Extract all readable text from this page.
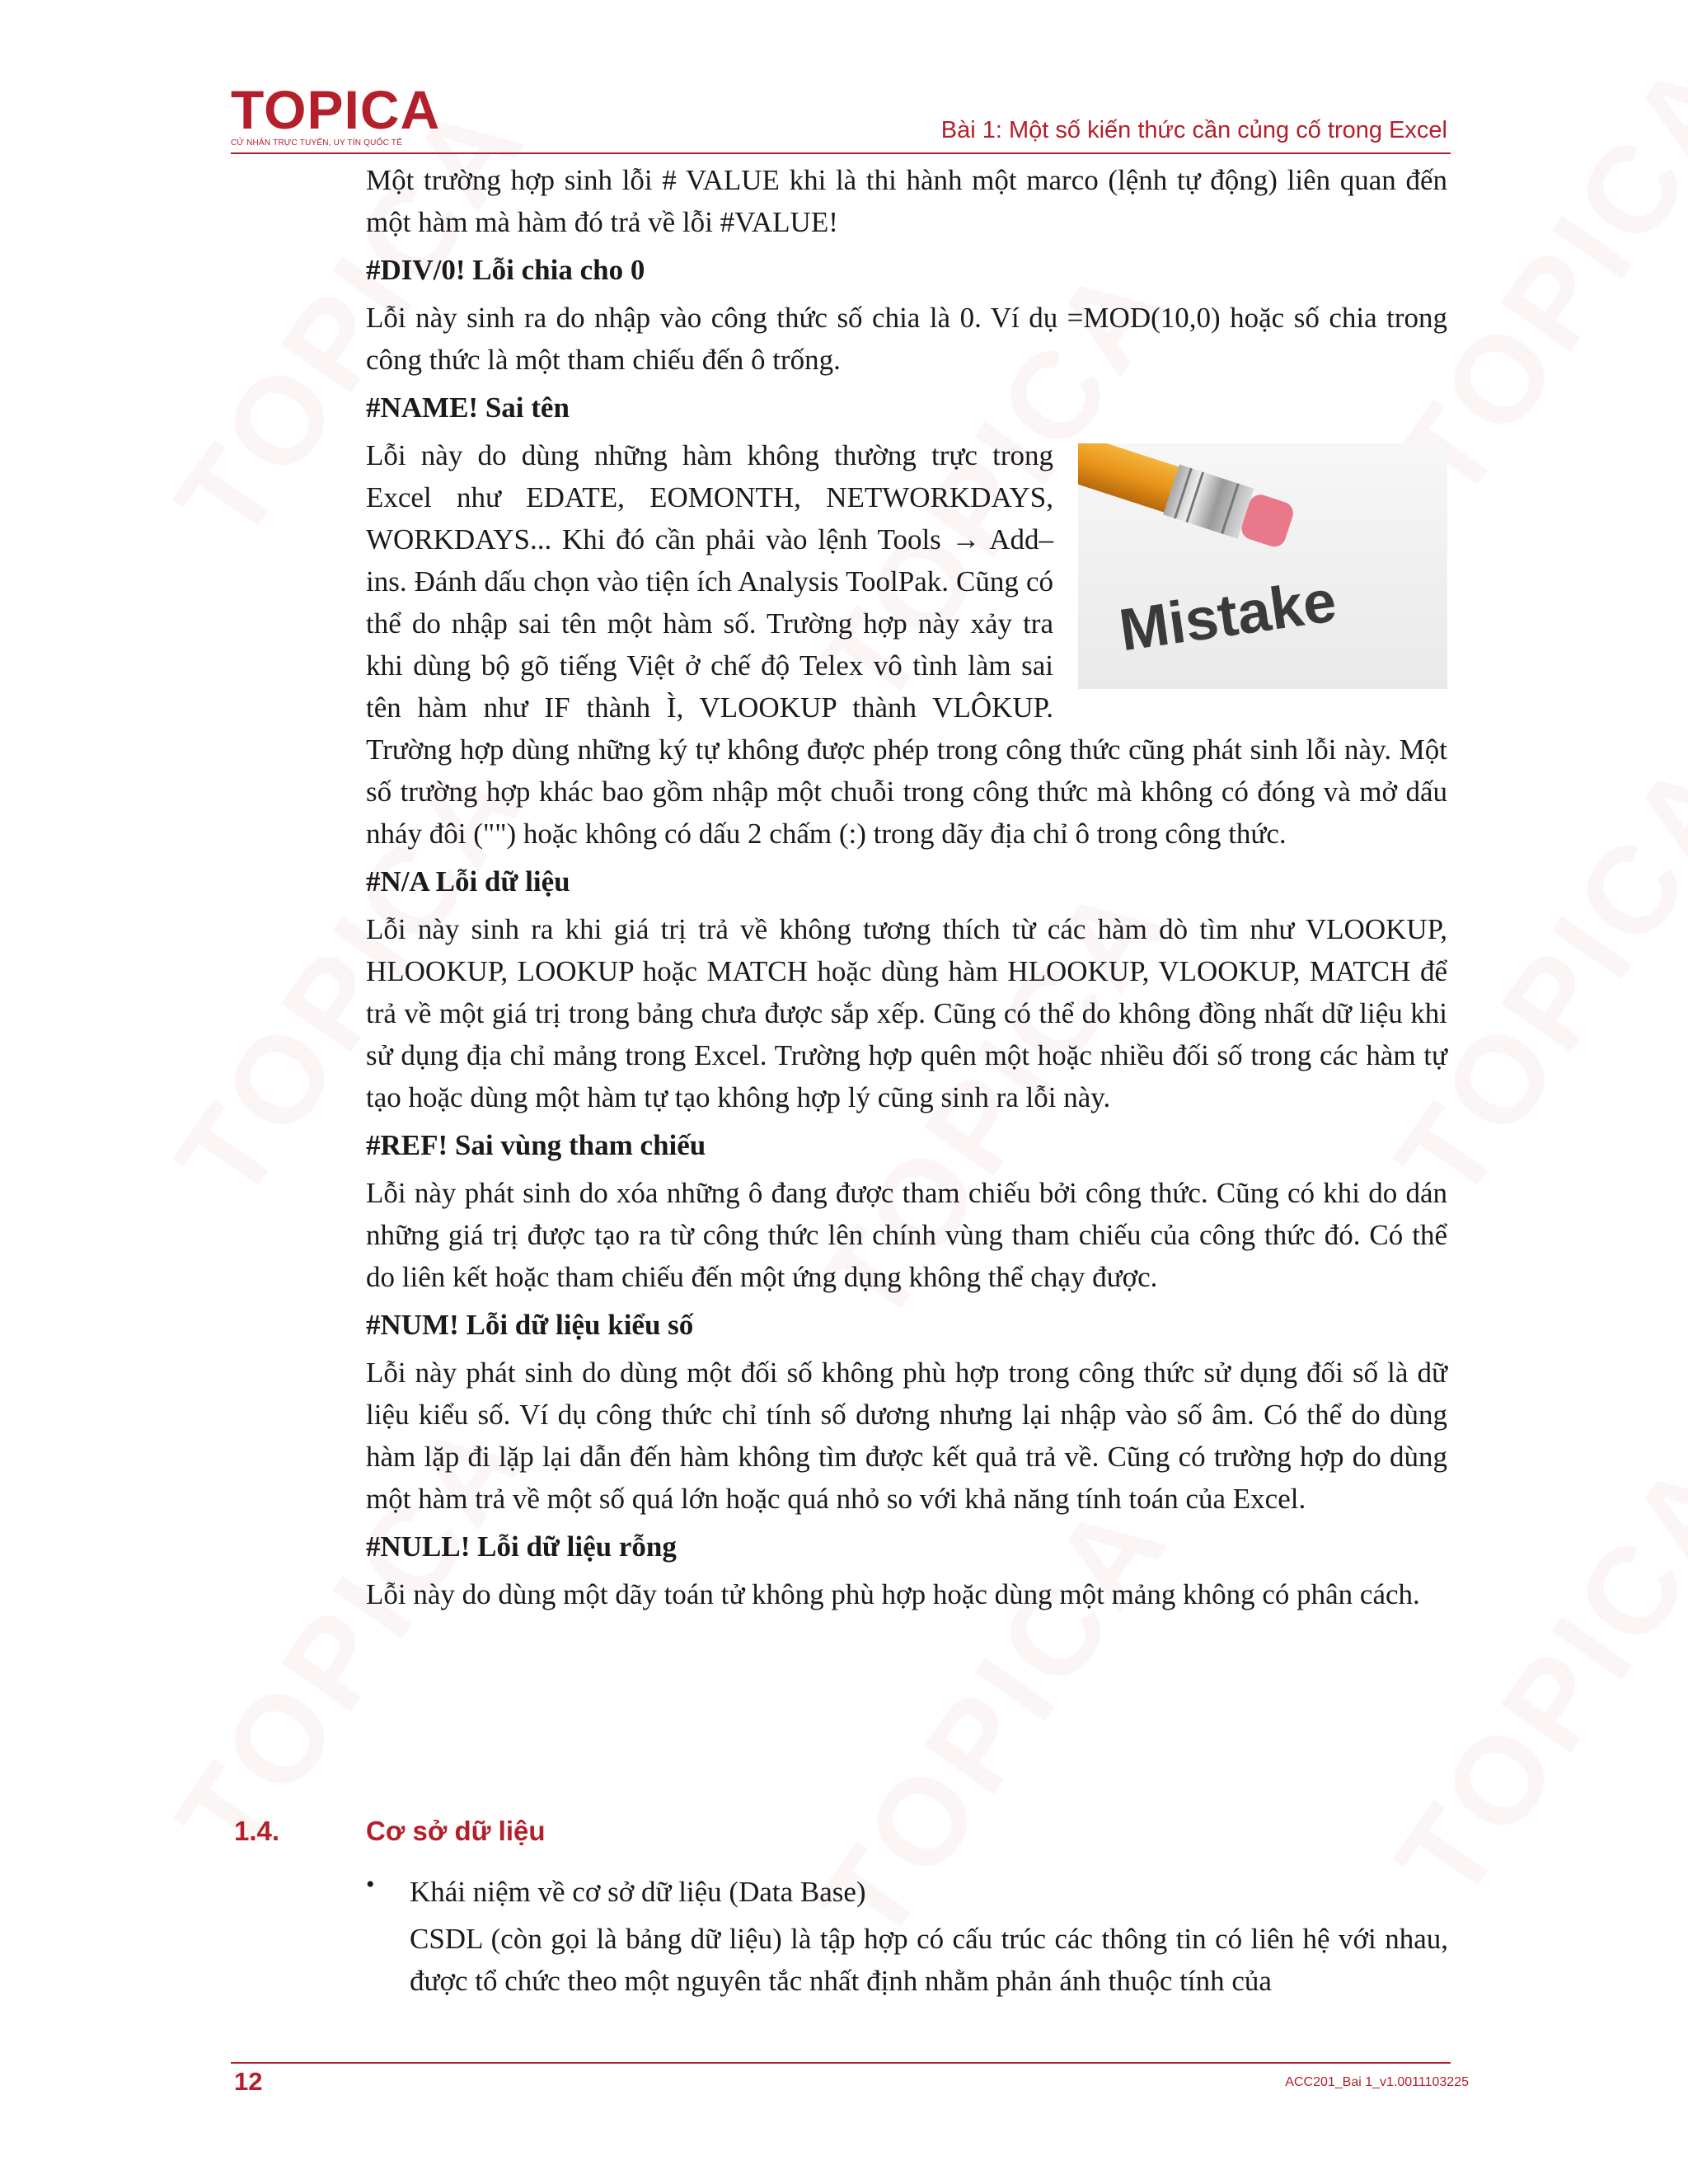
TOPICA
CỬ NHÂN TRỰC TUYẾN, UY TÍN QUỐC TẾ	Bài 1: Một số kiến thức cần củng cố trong Excel

Một trường hợp sinh lỗi # VALUE khi là thi hành một marco (lệnh tự động) liên quan đến một hàm mà hàm đó trả về lỗi #VALUE!

#DIV/0! Lỗi chia cho 0

Lỗi này sinh ra do nhập vào công thức số chia là 0. Ví dụ =MOD(10,0) hoặc số chia trong công thức là một tham chiếu đến ô trống.

#NAME! Sai tên

Mistake

Lỗi này do dùng những hàm không thường trực trong Excel như EDATE, EOMONTH, NETWORKDAYS, WORKDAYS... Khi đó cần phải vào lệnh Tools → Add–ins. Đánh dấu chọn vào tiện ích Analysis ToolPak. Cũng có thể do nhập sai tên một hàm số. Trường hợp này xảy tra khi dùng bộ gõ tiếng Việt ở chế độ Telex vô tình làm sai tên hàm như IF thành Ì, VLOOKUP thành VLÔKUP. Trường hợp dùng những ký tự không được phép trong công thức cũng phát sinh lỗi này. Một số trường hợp khác bao gồm nhập một chuỗi trong công thức mà không có đóng và mở dấu nháy đôi ("") hoặc không có dấu 2 chấm (:) trong dãy địa chỉ ô trong công thức.

#N/A Lỗi dữ liệu

Lỗi này sinh ra khi giá trị trả về không tương thích từ các hàm dò tìm như VLOOKUP, HLOOKUP, LOOKUP hoặc MATCH hoặc dùng hàm HLOOKUP, VLOOKUP, MATCH để trả về một giá trị trong bảng chưa được sắp xếp. Cũng có thể do không đồng nhất dữ liệu khi sử dụng địa chỉ mảng trong Excel. Trường hợp quên một hoặc nhiều đối số trong các hàm tự tạo hoặc dùng một hàm tự tạo không hợp lý cũng sinh ra lỗi này.

#REF! Sai vùng tham chiếu

Lỗi này phát sinh do xóa những ô đang được tham chiếu bởi công thức. Cũng có khi do dán những giá trị được tạo ra từ công thức lên chính vùng tham chiếu của công thức đó. Có thể do liên kết hoặc tham chiếu đến một ứng dụng không thể chạy được.

#NUM! Lỗi dữ liệu kiểu số

Lỗi này phát sinh do dùng một đối số không phù hợp trong công thức sử dụng đối số là dữ liệu kiểu số. Ví dụ công thức chỉ tính số dương nhưng lại nhập vào số âm. Có thể do dùng hàm lặp đi lặp lại dẫn đến hàm không tìm được kết quả trả về. Cũng có trường hợp do dùng một hàm trả về một số quá lớn hoặc quá nhỏ so với khả năng tính toán của Excel.

#NULL! Lỗi dữ liệu rỗng

Lỗi này do dùng một dãy toán tử không phù hợp hoặc dùng một mảng không có phân cách.

1.4.	Cơ sở dữ liệu
• Khái niệm về cơ sở dữ liệu (Data Base)

CSDL (còn gọi là bảng dữ liệu) là tập hợp có cấu trúc các thông tin có liên hệ với nhau, được tổ chức theo một nguyên tắc nhất định nhằm phản ánh thuộc tính của

12	ACC201_Bai 1_v1.0011103225
